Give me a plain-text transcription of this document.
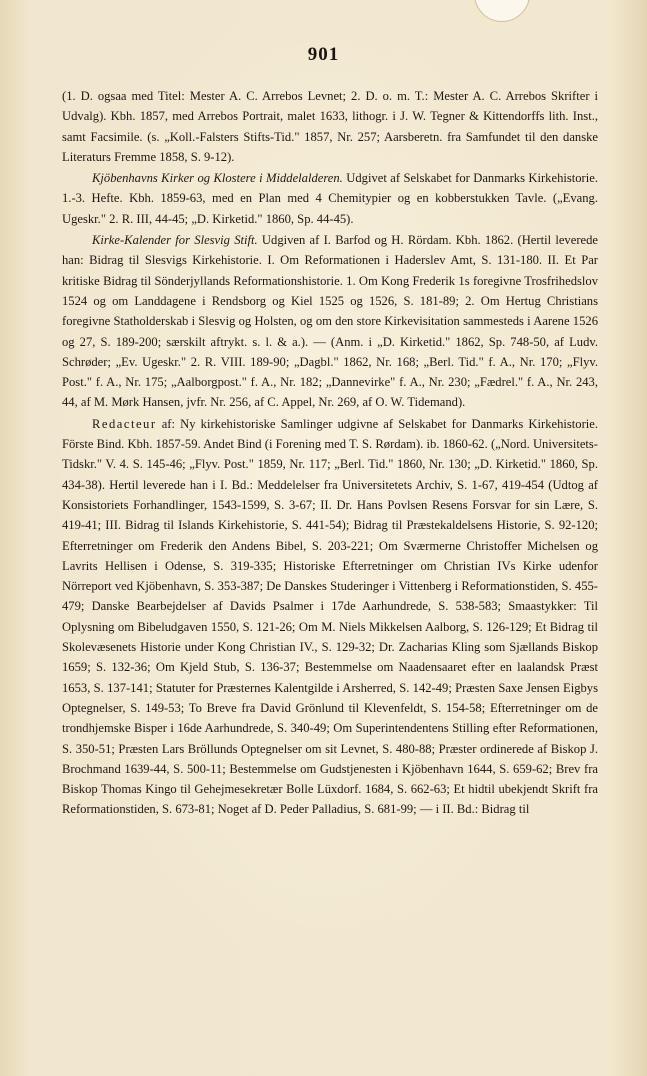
901

(1. D. ogsaa med Titel: Mester A. C. Arrebos Levnet; 2. D. o. m. T.: Mester A. C. Arrebos Skrifter i Udvalg). Kbh. 1857, med Arrebos Portrait, malet 1633, lithogr. i J. W. Tegner & Kittendorffs lith. Inst., samt Facsimile. (s. „Koll.-Falsters Stifts-Tid." 1857, Nr. 257; Aarsberetn. fra Samfundet til den danske Literaturs Fremme 1858, S. 9-12).

Kjöbenhavns Kirker og Klostere i Middelalderen. Udgivet af Selskabet for Danmarks Kirkehistorie. 1.-3. Hefte. Kbh. 1859-63, med en Plan med 4 Chemitypier og en kobberstukken Tavle. („Evang. Ugeskr." 2. R. III, 44-45; „D. Kirketid." 1860, Sp. 44-45).

Kirke-Kalender for Slesvig Stift. Udgiven af I. Barfod og H. Rördam. Kbh. 1862. (Hertil leverede han: Bidrag til Slesvigs Kirkehistorie. I. Om Reformationen i Haderslev Amt, S. 131-180. II. Et Par kritiske Bidrag til Sönderjyllands Reformationshistorie. 1. Om Kong Frederik 1s foregivne Trosfrihedslov 1524 og om Landdagene i Rendsborg og Kiel 1525 og 1526, S. 181-89; 2. Om Hertug Christians foregivne Statholderskab i Slesvig og Holsten, og om den store Kirkevisitation sammesteds i Aarene 1526 og 27, S. 189-200; særskilt aftrykt. s. l. & a.). — (Anm. i „D. Kirketid." 1862, Sp. 748-50, af Ludv. Schrøder; „Ev. Ugeskr." 2. R. VIII. 189-90; „Dagbl." 1862, Nr. 168; „Berl. Tid." f. A., Nr. 170; „Flyv. Post." f. A., Nr. 175; „Aalborgpost." f. A., Nr. 182; „Dannevirke" f. A., Nr. 230; „Fædrel." f. A., Nr. 243, 44, af M. Mørk Hansen, jvfr. Nr. 256, af C. Appel, Nr. 269, af O. W. Tidemand).

Redacteur af: Ny kirkehistoriske Samlinger udgivne af Selskabet for Danmarks Kirkehistorie. Förste Bind. Kbh. 1857-59. Andet Bind (i Forening med T. S. Rørdam). ib. 1860-62. („Nord. Universitets-Tidskr." V. 4. S. 145-46; „Flyv. Post." 1859, Nr. 117; „Berl. Tid." 1860, Nr. 130; „D. Kirketid." 1860, Sp. 434-38). Hertil leverede han i I. Bd.: Meddelelser fra Universitetets Archiv, S. 1-67, 419-454 (Udtog af Konsistoriets Forhandlinger, 1543-1599, S. 3-67; II. Dr. Hans Povlsen Resens Forsvar for sin Lære, S. 419-41; III. Bidrag til Islands Kirkehistorie, S. 441-54); Bidrag til Præstekaldelsens Historie, S. 92-120; Efterretninger om Frederik den Andens Bibel, S. 203-221; Om Sværmerne Christoffer Michelsen og Lavrits Hellisen i Odense, S. 319-335; Historiske Efterretninger om Christian IVs Kirke udenfor Nörreport ved Kjöbenhavn, S. 353-387; De Danskes Studeringer i Vittenberg i Reformationstiden, S. 455-479; Danske Bearbejdelser af Davids Psalmer i 17de Aarhundrede, S. 538-583; Smaastykker: Til Oplysning om Bibeludgaven 1550, S. 121-26; Om M. Niels Mikkelsen Aalborg, S. 126-129; Et Bidrag til Skolevæsenets Historie under Kong Christian IV., S. 129-32; Dr. Zacharias Kling som Sjællands Biskop 1659; S. 132-36; Om Kjeld Stub, S. 136-37; Bestemmelse om Naadensaaret efter en laalandsk Præst 1653, S. 137-141; Statuter for Præsternes Kalentgilde i Arsherred, S. 142-49; Præsten Saxe Jensen Eigbys Optegnelser, S. 149-53; To Breve fra David Grönlund til Klevenfeldt, S. 154-58; Efterretninger om de trondhjemske Bisper i 16de Aarhundrede, S. 340-49; Om Superintendentens Stilling efter Reformationen, S. 350-51; Præsten Lars Bröllunds Optegnelser om sit Levnet, S. 480-88; Præster ordinerede af Biskop J. Brochmand 1639-44, S. 500-11; Bestemmelse om Gudstjenesten i Kjöbenhavn 1644, S. 659-62; Brev fra Biskop Thomas Kingo til Gehejmesekretær Bolle Lüxdorf. 1684, S. 662-63; Et hidtil ubekjendt Skrift fra Reformationstiden, S. 673-81; Noget af D. Peder Palladius, S. 681-99; — i II. Bd.: Bidrag til
